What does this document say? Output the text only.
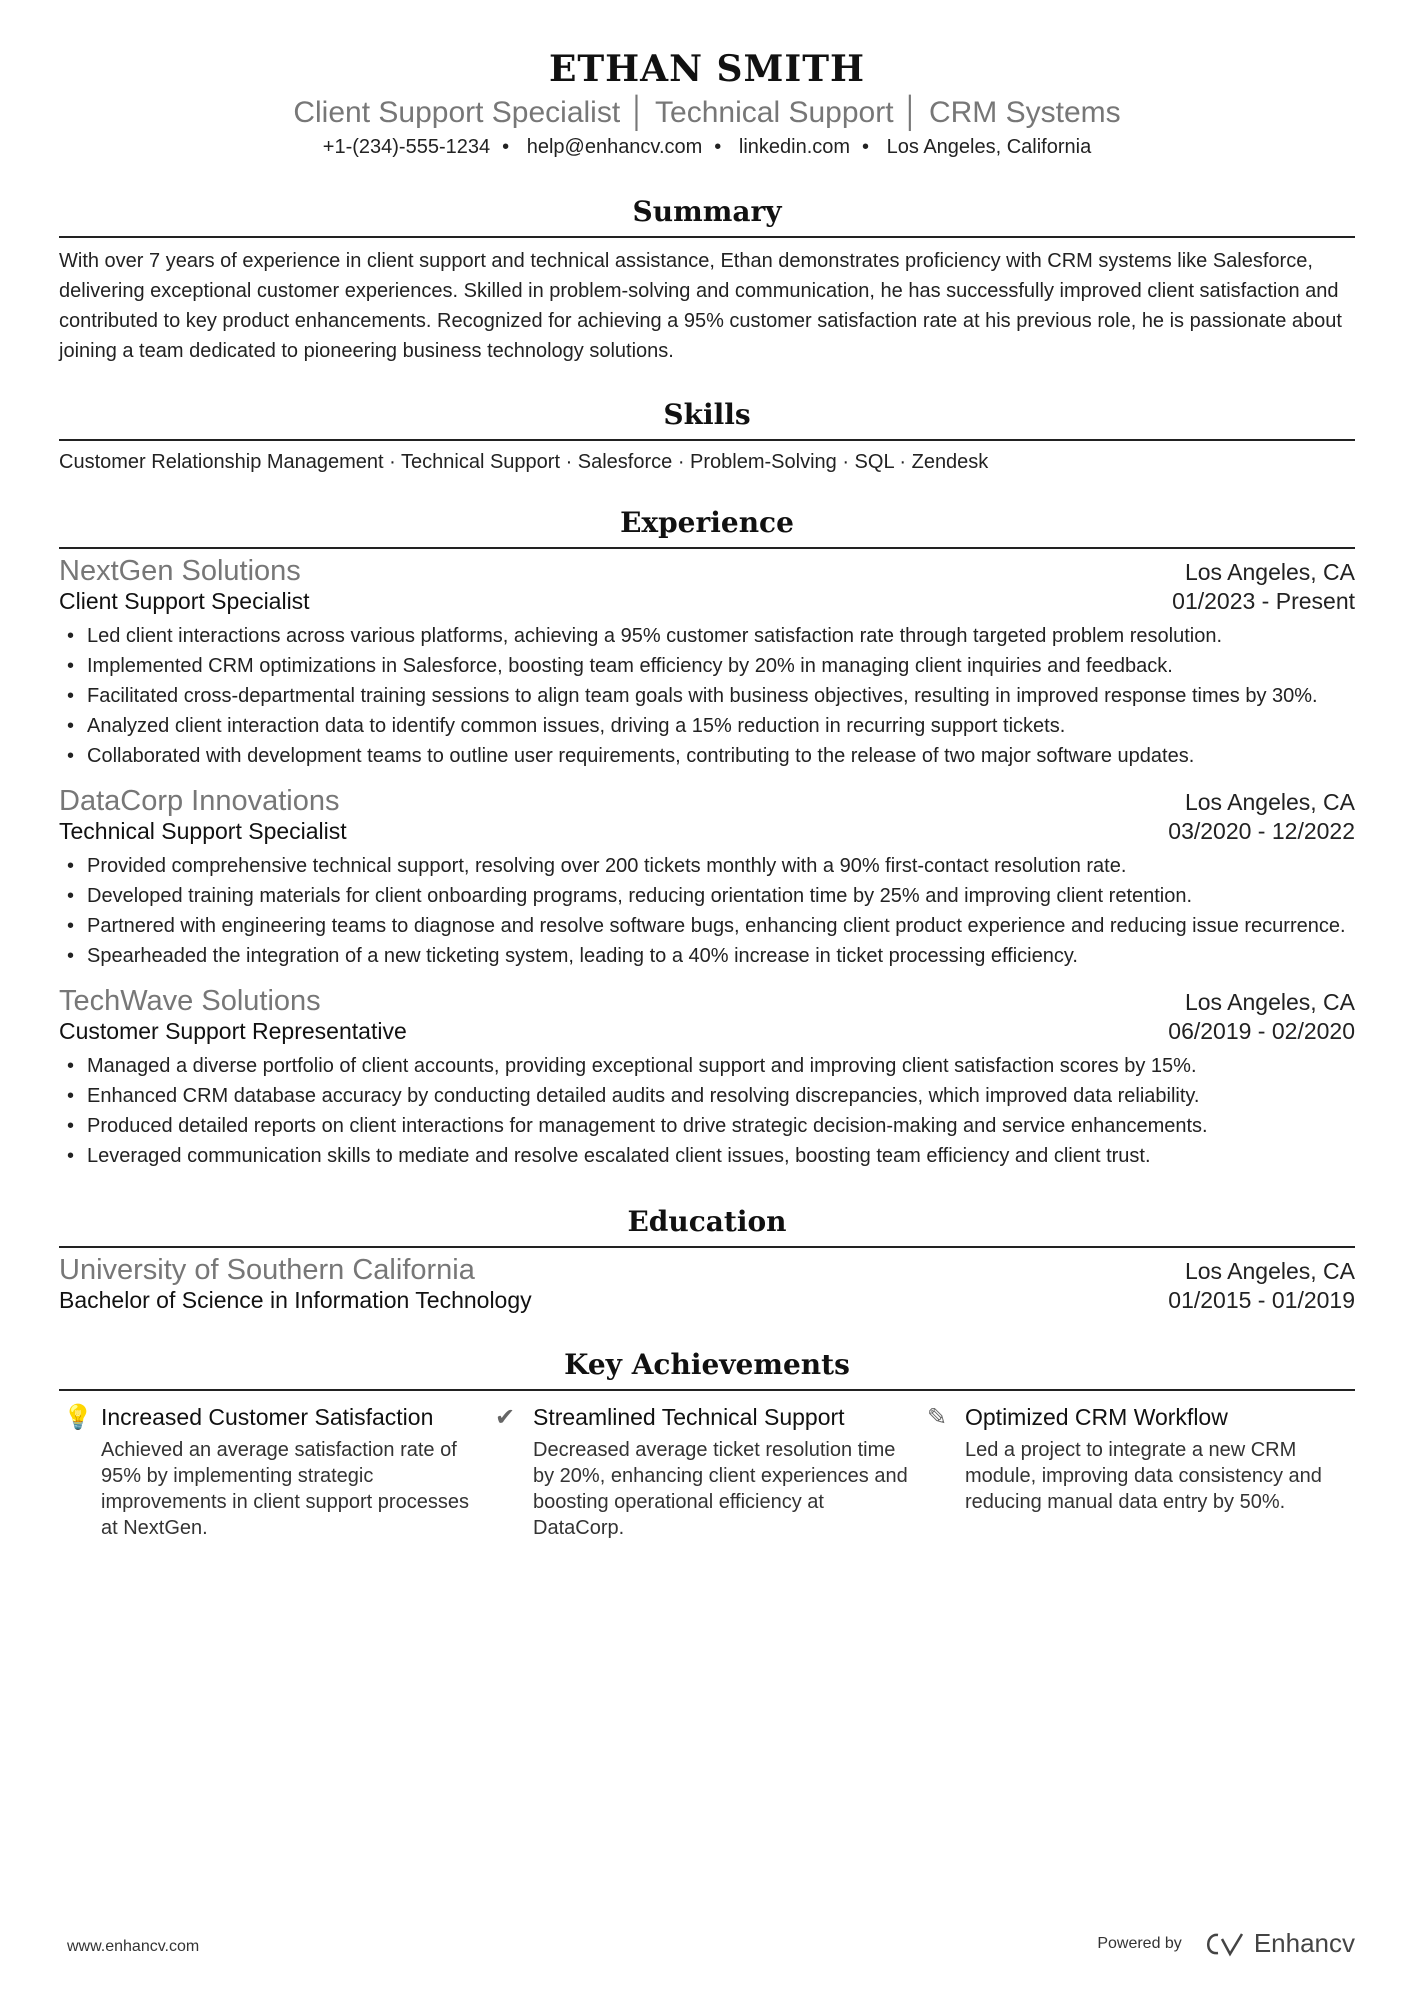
ETHAN SMITH
Client Support Specialist │ Technical Support │ CRM Systems
+1-(234)-555-1234 • help@enhancv.com • linkedin.com • Los Angeles, California
Summary
With over 7 years of experience in client support and technical assistance, Ethan demonstrates proficiency with CRM systems like Salesforce, delivering exceptional customer experiences. Skilled in problem-solving and communication, he has successfully improved client satisfaction and contributed to key product enhancements. Recognized for achieving a 95% customer satisfaction rate at his previous role, he is passionate about joining a team dedicated to pioneering business technology solutions.
Skills
Customer Relationship Management · Technical Support · Salesforce · Problem-Solving · SQL · Zendesk
Experience
NextGen Solutions	Los Angeles, CA
Client Support Specialist	01/2023 - Present
• Led client interactions across various platforms, achieving a 95% customer satisfaction rate through targeted problem resolution.
• Implemented CRM optimizations in Salesforce, boosting team efficiency by 20% in managing client inquiries and feedback.
• Facilitated cross-departmental training sessions to align team goals with business objectives, resulting in improved response times by 30%.
• Analyzed client interaction data to identify common issues, driving a 15% reduction in recurring support tickets.
• Collaborated with development teams to outline user requirements, contributing to the release of two major software updates.
DataCorp Innovations	Los Angeles, CA
Technical Support Specialist	03/2020 - 12/2022
• Provided comprehensive technical support, resolving over 200 tickets monthly with a 90% first-contact resolution rate.
• Developed training materials for client onboarding programs, reducing orientation time by 25% and improving client retention.
• Partnered with engineering teams to diagnose and resolve software bugs, enhancing client product experience and reducing issue recurrence.
• Spearheaded the integration of a new ticketing system, leading to a 40% increase in ticket processing efficiency.
TechWave Solutions	Los Angeles, CA
Customer Support Representative	06/2019 - 02/2020
• Managed a diverse portfolio of client accounts, providing exceptional support and improving client satisfaction scores by 15%.
• Enhanced CRM database accuracy by conducting detailed audits and resolving discrepancies, which improved data reliability.
• Produced detailed reports on client interactions for management to drive strategic decision-making and service enhancements.
• Leveraged communication skills to mediate and resolve escalated client issues, boosting team efficiency and client trust.
Education
University of Southern California	Los Angeles, CA
Bachelor of Science in Information Technology	01/2015 - 01/2019
Key Achievements
💡 Increased Customer Satisfaction
Achieved an average satisfaction rate of 95% by implementing strategic improvements in client support processes at NextGen.
✔ Streamlined Technical Support
Decreased average ticket resolution time by 20%, enhancing client experiences and boosting operational efficiency at DataCorp.
✎ Optimized CRM Workflow
Led a project to integrate a new CRM module, improving data consistency and reducing manual data entry by 50%.
www.enhancv.com	Powered by	Enhancv
